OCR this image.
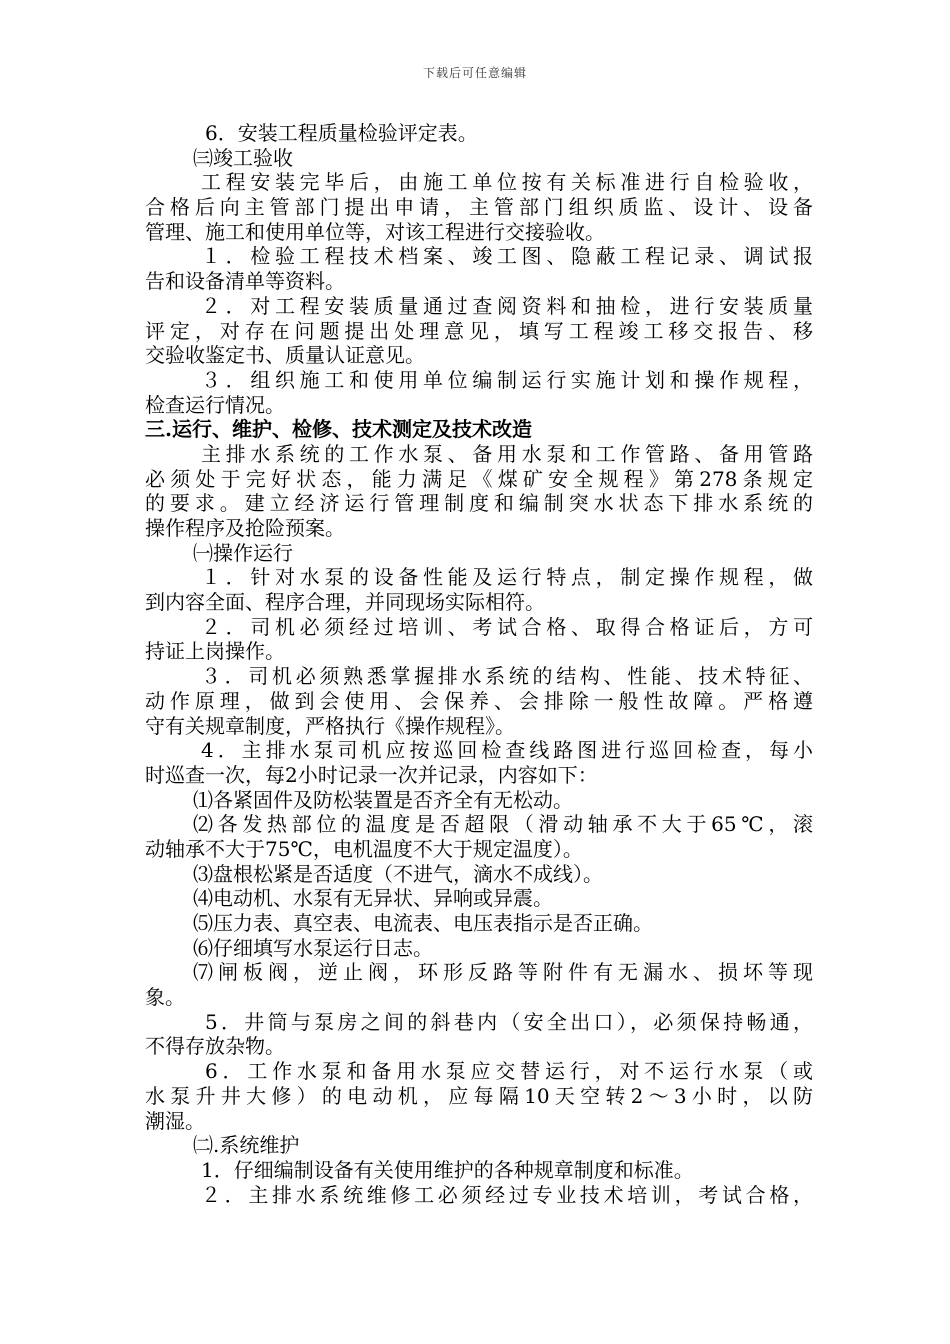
下载后可任意编辑
6．安装工程质量检验评定表。
㈢竣工验收
工程安装完毕后，由施工单位按有关标准进行自检验收，
合格后向主管部门提出申请，主管部门组织质监、设计、设备
管理、施工和使用单位等，对该工程进行交接验收。
１．检验工程技术档案、竣工图、隐蔽工程记录、调试报
告和设备清单等资料。
２．对工程安装质量通过查阅资料和抽检，进行安装质量
评定，对存在问题提出处理意见，填写工程竣工移交报告、移
交验收鉴定书、质量认证意见。
３．组织施工和使用单位编制运行实施计划和操作规程，
检查运行情况。
三.运行、维护、检修、技术测定及技术改造
主排水系统的工作水泵、备用水泵和工作管路、备用管路
必须处于完好状态，能力满足《煤矿安全规程》第278条规定
的要求。建立经济运行管理制度和编制突水状态下排水系统的
操作程序及抢险预案。
㈠操作运行
１．针对水泵的设备性能及运行特点，制定操作规程，做
到内容全面、程序合理，并同现场实际相符。
２．司机必须经过培训、考试合格、取得合格证后，方可
持证上岗操作。
３．司机必须熟悉掌握排水系统的结构、性能、技术特征、
动作原理，做到会使用、会保养、会排除一般性故障。严格遵
守有关规章制度，严格执行《操作规程》。
4．主排水泵司机应按巡回检查线路图进行巡回检查，每小
时巡查一次，每2小时记录一次并记录，内容如下：
⑴各紧固件及防松装置是否齐全有无松动。
⑵各发热部位的温度是否超限（滑动轴承不大于65℃，滚
动轴承不大于75℃，电机温度不大于规定温度）。
⑶盘根松紧是否适度（不进气，滴水不成线）。
⑷电动机、水泵有无异状、异响或异震。
⑸压力表、真空表、电流表、电压表指示是否正确。
⑹仔细填写水泵运行日志。
⑺闸板阀，逆止阀，环形反路等附件有无漏水、损坏等现
象。
5．井筒与泵房之间的斜巷内（安全出口），必须保持畅通，
不得存放杂物。
6．工作水泵和备用水泵应交替运行，对不运行水泵（或
水泵升井大修）的电动机，应每隔10天空转2～3小时，以防
潮湿。
㈡.系统维护
1．仔细编制设备有关使用维护的各种规章制度和标准。
２．主排水系统维修工必须经过专业技术培训，考试合格，
